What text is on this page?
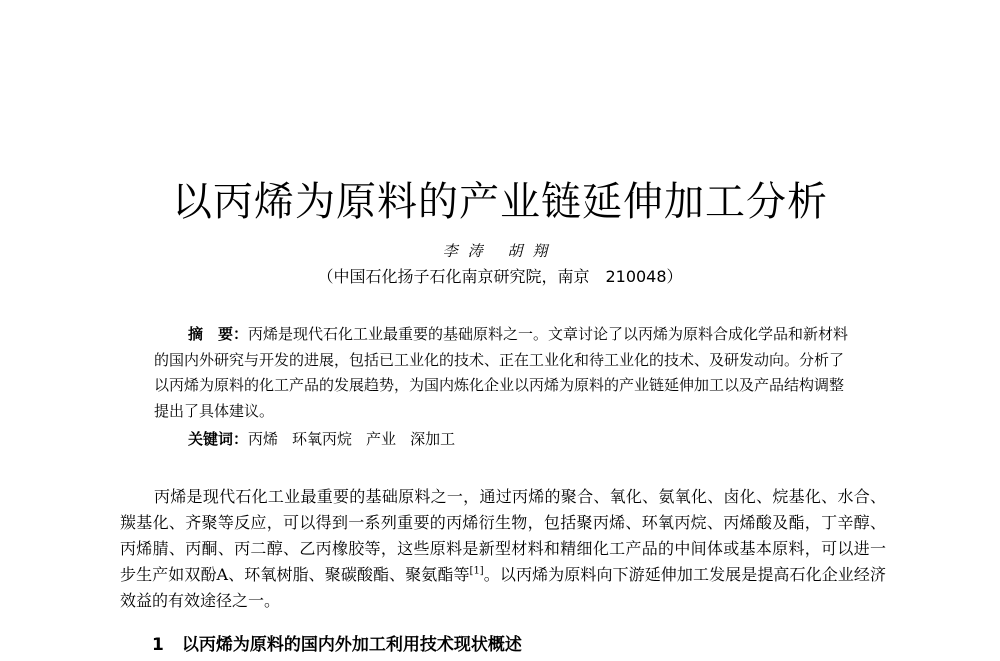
以丙烯为原料的产业链延伸加工分析
李涛 胡翔
（中国石化扬子石化南京研究院，南京　210048）
摘　要：丙烯是现代石化工业最重要的基础原料之一。文章讨论了以丙烯为原料合成化学品和新材料的国内外研究与开发的进展，包括已工业化的技术、正在工业化和待工业化的技术、及研发动向。分析了以丙烯为原料的化工产品的发展趋势，为国内炼化企业以丙烯为原料的产业链延伸加工以及产品结构调整提出了具体建议。
关键词：丙烯 环氧丙烷 产业 深加工
丙烯是现代石化工业最重要的基础原料之一，通过丙烯的聚合、氧化、氨氧化、卤化、烷基化、水合、羰基化、齐聚等反应，可以得到一系列重要的丙烯衍生物，包括聚丙烯、环氧丙烷、丙烯酸及酯，丁辛醇、丙烯腈、丙酮、丙二醇、乙丙橡胶等，这些原料是新型材料和精细化工产品的中间体或基本原料，可以进一步生产如双酚A、环氧树脂、聚碳酸酯、聚氨酯等[1]。以丙烯为原料向下游延伸加工发展是提高石化企业经济效益的有效途径之一。
1 以丙烯为原料的国内外加工利用技术现状概述
